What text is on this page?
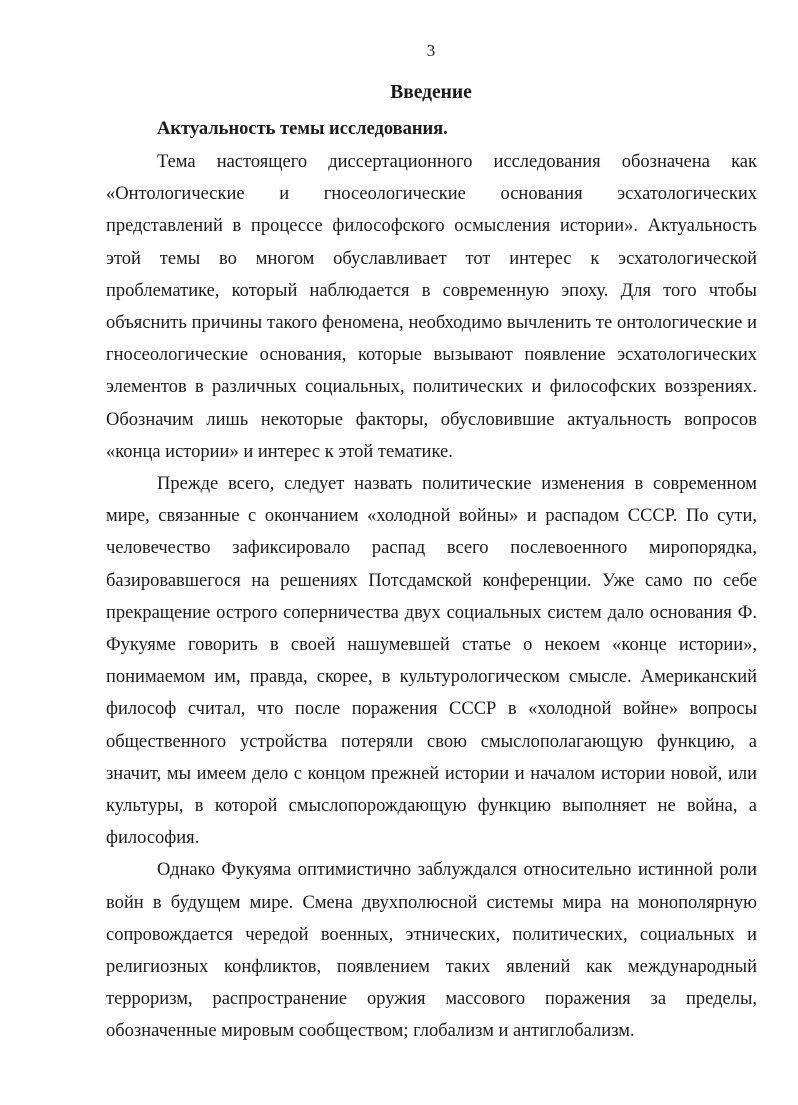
3
Введение
Актуальность темы исследования.

Тема настоящего диссертационного исследования обозначена как «Онтологические и гносеологические основания эсхатологических представлений в процессе философского осмысления истории». Актуальность этой темы во многом обуславливает тот интерес к эсхатологической проблематике, который наблюдается в современную эпоху. Для того чтобы объяснить причины такого феномена, необходимо вычленить те онтологические и гносеологические основания, которые вызывают появление эсхатологических элементов в различных социальных, политических и философских воззрениях. Обозначим лишь некоторые факторы, обусловившие актуальность вопросов «конца истории» и интерес к этой тематике.

Прежде всего, следует назвать политические изменения в современном мире, связанные с окончанием «холодной войны» и распадом СССР. По сути, человечество зафиксировало распад всего послевоенного миропорядка, базировавшегося на решениях Потсдамской конференции. Уже само по себе прекращение острого соперничества двух социальных систем дало основания Ф. Фукуяме говорить в своей нашумевшей статье о некоем «конце истории», понимаемом им, правда, скорее, в культурологическом смысле. Американский философ считал, что после поражения СССР в «холодной войне» вопросы общественного устройства потеряли свою смыслополагающую функцию, а значит, мы имеем дело с концом прежней истории и началом истории новой, или культуры, в которой смыслопорождающую функцию выполняет не война, а философия.

Однако Фукуяма оптимистично заблуждался относительно истинной роли войн в будущем мире. Смена двухполюсной системы мира на монополярную сопровождается чередой военных, этнических, политических, социальных и религиозных конфликтов, появлением таких явлений как международный терроризм, распространение оружия массового поражения за пределы, обозначенные мировым сообществом; глобализм и антиглобализм.
